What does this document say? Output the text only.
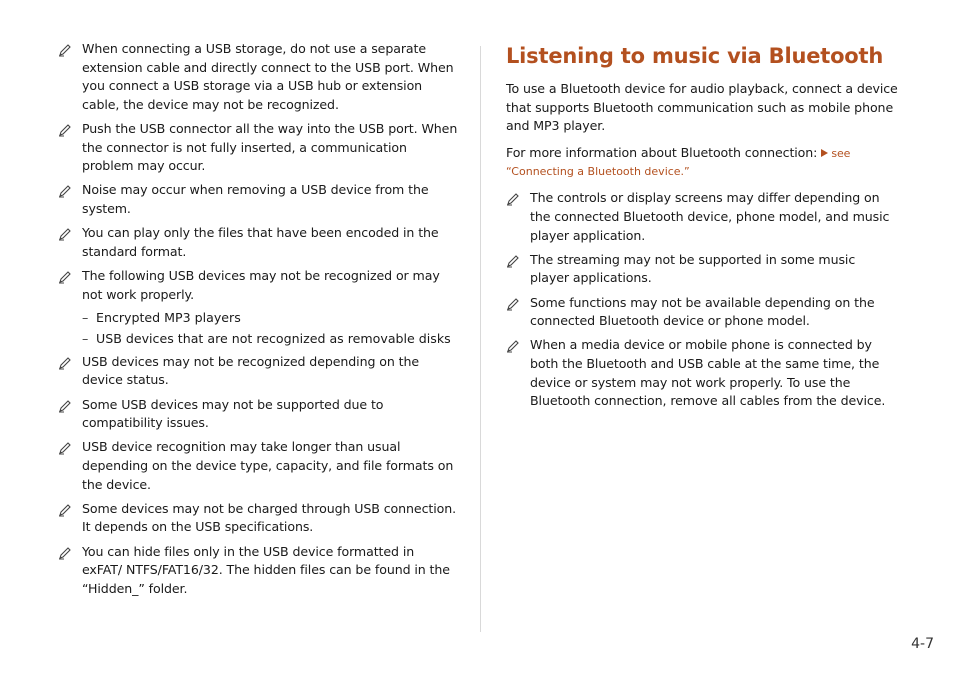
When connecting a USB storage, do not use a separate extension cable and directly connect to the USB port. When you connect a USB storage via a USB hub or extension cable, the device may not be recognized.
Push the USB connector all the way into the USB port. When the connector is not fully inserted, a communication problem may occur.
Noise may occur when removing a USB device from the system.
You can play only the files that have been encoded in the standard format.
The following USB devices may not be recognized or may not work properly.
– Encrypted MP3 players
– USB devices that are not recognized as removable disks
USB devices may not be recognized depending on the device status.
Some USB devices may not be supported due to compatibility issues.
USB device recognition may take longer than usual depending on the device type, capacity, and file formats on the device.
Some devices may not be charged through USB connection. It depends on the USB specifications.
You can hide files only in the USB device formatted in exFAT/ NTFS/FAT16/32. The hidden files can be found in the “Hidden_” folder.
Listening to music via Bluetooth
To use a Bluetooth device for audio playback, connect a device that supports Bluetooth communication such as mobile phone and MP3 player.
For more information about Bluetooth connection: see
“Connecting a Bluetooth device.”
The controls or display screens may differ depending on the connected Bluetooth device, phone model, and music player application.
The streaming may not be supported in some music player applications.
Some functions may not be available depending on the connected Bluetooth device or phone model.
When a media device or mobile phone is connected by both the Bluetooth and USB cable at the same time, the device or system may not work properly. To use the Bluetooth connection, remove all cables from the device.
4-7
